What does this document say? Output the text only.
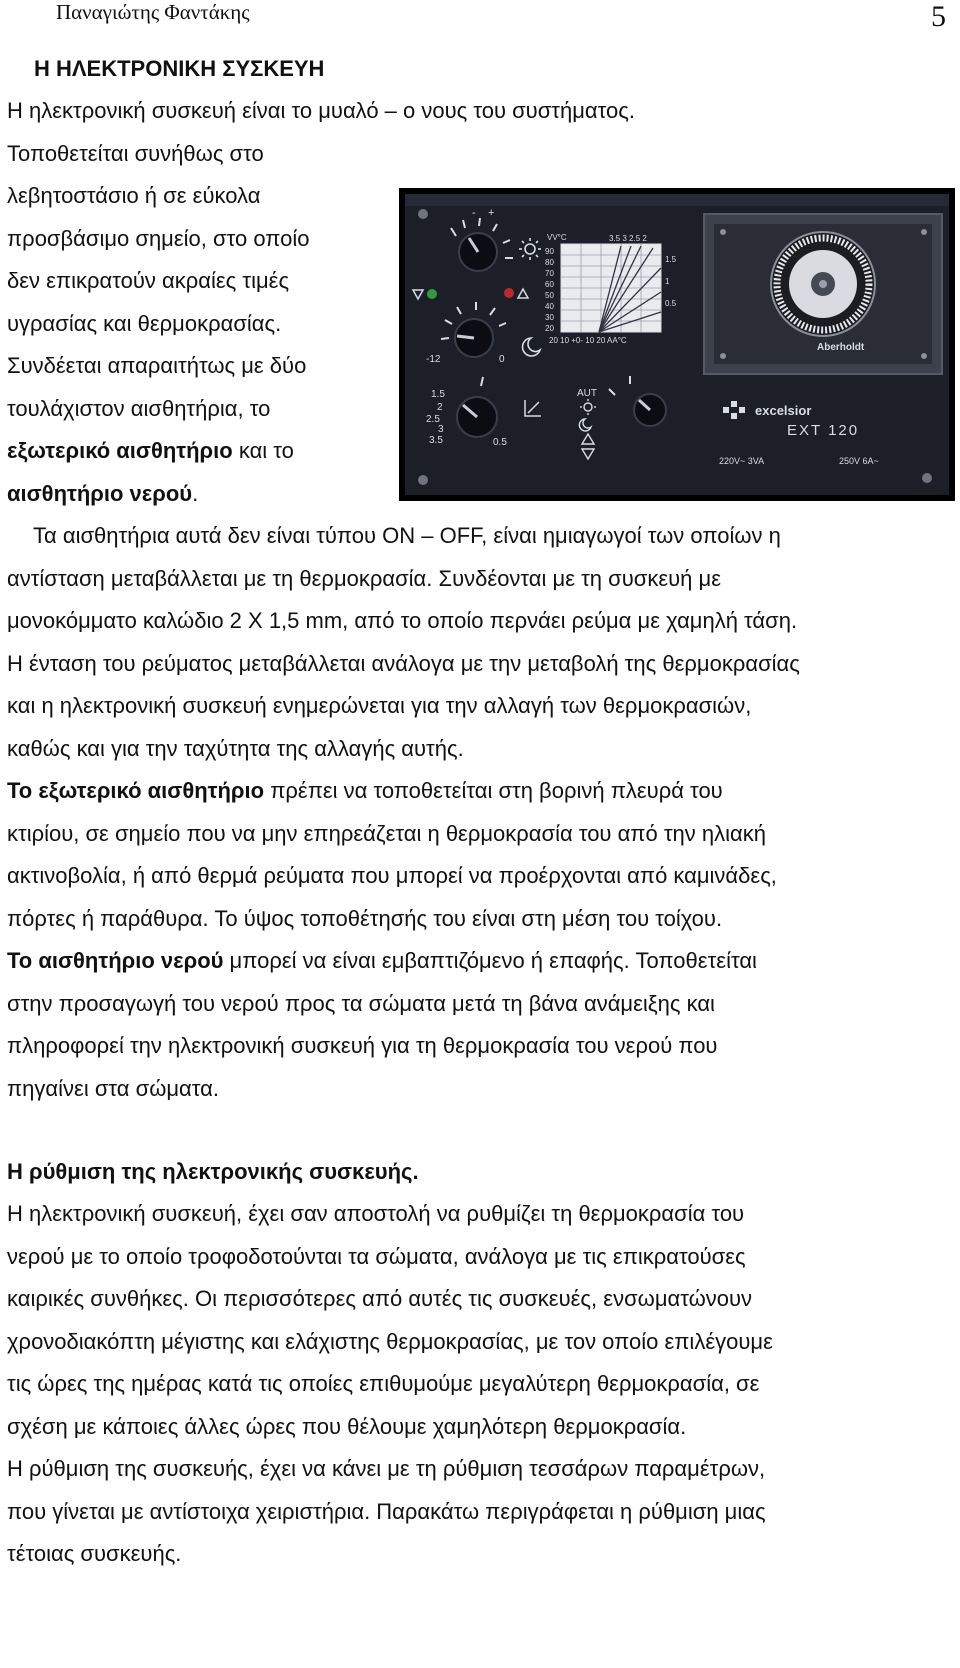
Παναγιώτης Φαντάκης	5
Η ΗΛΕΚΤΡΟΝΙΚΗ ΣΥΣΚΕΥΗ
Η ηλεκτρονική συσκευή είναι το μυαλό – ο νους του συστήματος.
Τοποθετείται συνήθως στο
λεβητοστάσιο ή σε εύκολα
προσβάσιμο σημείο, στο οποίο
δεν επικρατούν ακραίες τιμές
υγρασίας και θερμοκρασίας.
Συνδέεται απαραιτήτως με δύο
τουλάχιστον αισθητήρια, το
εξωτερικό αισθητήριο και το
αισθητήριο νερού.
Τα αισθητήρια αυτά δεν είναι τύπου ON – OFF, είναι ημιαγωγοί των οποίων η
αντίσταση μεταβάλλεται με τη θερμοκρασία. Συνδέονται με τη συσκευή με
μονοκόμματο καλώδιο 2 X 1,5 mm, από το οποίο περνάει ρεύμα με χαμηλή τάση.
Η ένταση του ρεύματος μεταβάλλεται ανάλογα με την μεταβολή της θερμοκρασίας
και η ηλεκτρονική συσκευή ενημερώνεται για την αλλαγή των θερμοκρασιών,
καθώς και για την ταχύτητα της αλλαγής αυτής.
Το εξωτερικό αισθητήριο πρέπει να τοποθετείται στη βορινή πλευρά του
κτιρίου, σε σημείο που να μην επηρεάζεται η θερμοκρασία του από την ηλιακή
ακτινοβολία, ή από θερμά ρεύματα που μπορεί να προέρχονται από καμινάδες,
πόρτες ή παράθυρα. Το ύψος τοποθέτησής του είναι στη μέση του τοίχου.
Το αισθητήριο νερού μπορεί να είναι εμβαπτιζόμενο ή επαφής. Τοποθετείται
στην προσαγωγή του νερού προς τα σώματα μετά τη βάνα ανάμειξης και
πληροφορεί την ηλεκτρονική συσκευή για τη θερμοκρασία του νερού που
πηγαίνει στα σώματα.
Η ρύθμιση της ηλεκτρονικής συσκευής.
Η ηλεκτρονική συσκευή, έχει σαν αποστολή να ρυθμίζει τη θερμοκρασία του
νερού με το οποίο τροφοδοτούνται τα σώματα, ανάλογα με τις επικρατούσες
καιρικές συνθήκες. Οι περισσότερες από αυτές τις συσκευές, ενσωματώνουν
χρονοδιακόπτη μέγιστης και ελάχιστης θερμοκρασίας, με τον οποίο επιλέγουμε
τις ώρες της ημέρας κατά τις οποίες επιθυμούμε μεγαλύτερη θερμοκρασία, σε
σχέση με κάποιες άλλες ώρες που θέλουμε χαμηλότερη θερμοκρασία.
Η ρύθμιση της συσκευής, έχει να κάνει με τη ρύθμιση τεσσάρων παραμέτρων,
που γίνεται με αντίστοιχα χειριστήρια. Παρακάτω περιγράφεται η ρύθμιση μιας
τέτοιας συσκευής.
- +
VV°C	3.5 3 2.5 2
90
80
70
60
50
40
30
20
1.5
1
0.5
20 10 +0- 10 20 AA°C
-12	0
1.5
2
2.5
3
3.5	0.5
AUT
Aberholdt
excelsior
EXT 120
220V~ 3VA	250V 6A~
